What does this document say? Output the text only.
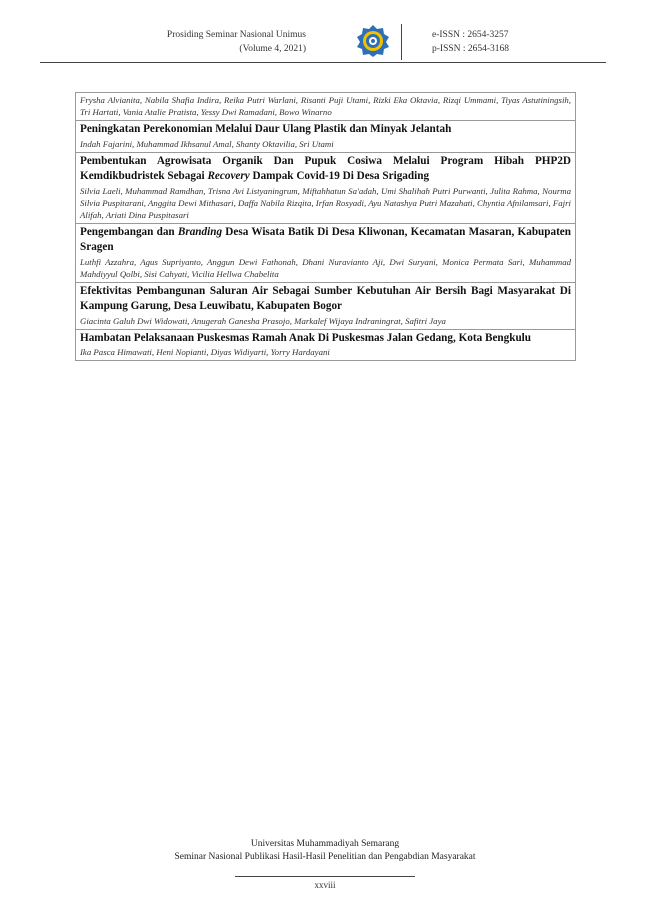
Prosiding Seminar Nasional Unimus
(Volume 4, 2021)
e-ISSN : 2654-3257
p-ISSN : 2654-3168
Frysha Alvianita, Nabila Shafia Indira, Reika Putri Warlani, Risanti Puji Utami, Rizki Eka Oktavia, Rizqi Ummami, Tiyas Astutiningsih, Tri Hartati, Vania Atalie Pratista, Yessy Dwi Ramadani, Bowo Winarno
Peningkatan Perekonomian Melalui Daur Ulang Plastik dan Minyak Jelantah
Indah Fajarini, Muhammad Ikhsanul Amal, Shanty Oktavilia, Sri Utami
Pembentukan Agrowisata Organik Dan Pupuk Cosiwa Melalui Program Hibah PHP2D Kemdikbudristek Sebagai Recovery Dampak Covid-19 Di Desa Srigading
Silvia Laeli, Muhammad Ramdhan, Trisna Avi Listyaningrum, Miftahhatun Sa'adah, Umi Shalihah Putri Purwanti, Julita Rahma, Nourma Silvia Puspitarani, Anggita Dewi Mithasari, Daffa Nabila Rizqita, Irfan Rosyadi, Ayu Natashya Putri Mazahati, Chyntia Afnilamsari, Fajri Alifah, Ariati Dina Puspitasari
Pengembangan dan Branding Desa Wisata Batik Di Desa Kliwonan, Kecamatan Masaran, Kabupaten Sragen
Luthfi Azzahra, Agus Supriyanto, Anggun Dewi Fathonah, Dhani Nuravianto Aji, Dwi Suryani, Monica Permata Sari, Muhammad Mahdiyyul Qolbi, Sisi Cahyati, Vicilia Hellwa Chabelita
Efektivitas Pembangunan Saluran Air Sebagai Sumber Kebutuhan Air Bersih Bagi Masyarakat Di Kampung Garung, Desa Leuwibatu, Kabupaten Bogor
Giacinta Galuh Dwi Widowati, Anugerah Ganesha Prasojo, Markalef Wijaya Indraningrat, Safitri Jaya
Hambatan Pelaksanaan Puskesmas Ramah Anak Di Puskesmas Jalan Gedang, Kota Bengkulu
Ika Pasca Himawati, Heni Nopianti, Diyas Widiyarti, Yorry Hardayani
Universitas Muhammadiyah Semarang
Seminar Nasional Publikasi Hasil-Hasil Penelitian dan Pengabdian Masyarakat
xxviii
